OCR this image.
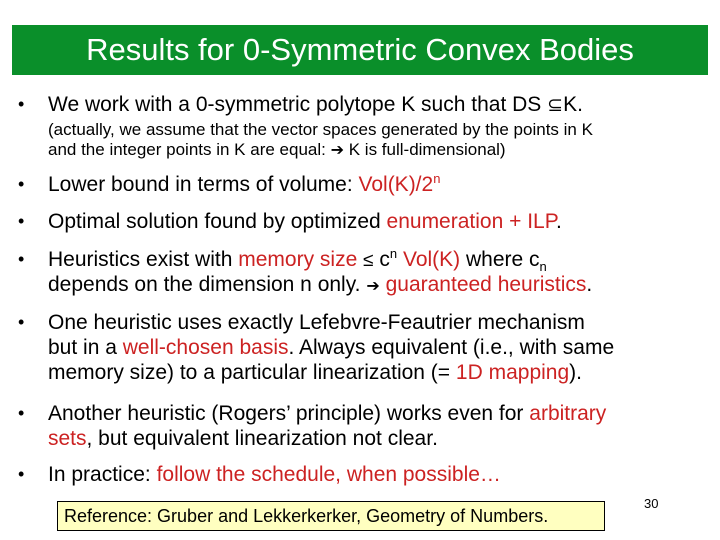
Results for 0-Symmetric Convex Bodies
•	We work with a 0-symmetric polytope K such that DS ⊆K.
(actually, we assume that the vector spaces generated by the points in K
and the integer points in K are equal: ➔ K is full-dimensional)
•	Lower bound in terms of volume: Vol(K)/2$^n$
•	Optimal solution found by optimized enumeration + ILP.
•	Heuristics exist with memory size ≤ $c^n$ Vol(K) where $c_n$
depends on the dimension n only. ➔ guaranteed heuristics.
•	One heuristic uses exactly Lefebvre-Feautrier mechanism
but in a well-chosen basis. Always equivalent (i.e., with same
memory size) to a particular linearization (= 1D mapping).
•	Another heuristic (Rogers’ principle) works even for arbitrary
sets, but equivalent linearization not clear.
•	In practice: follow the schedule, when possible…
Reference: Gruber and Lekkerkerker, Geometry of Numbers.
30
